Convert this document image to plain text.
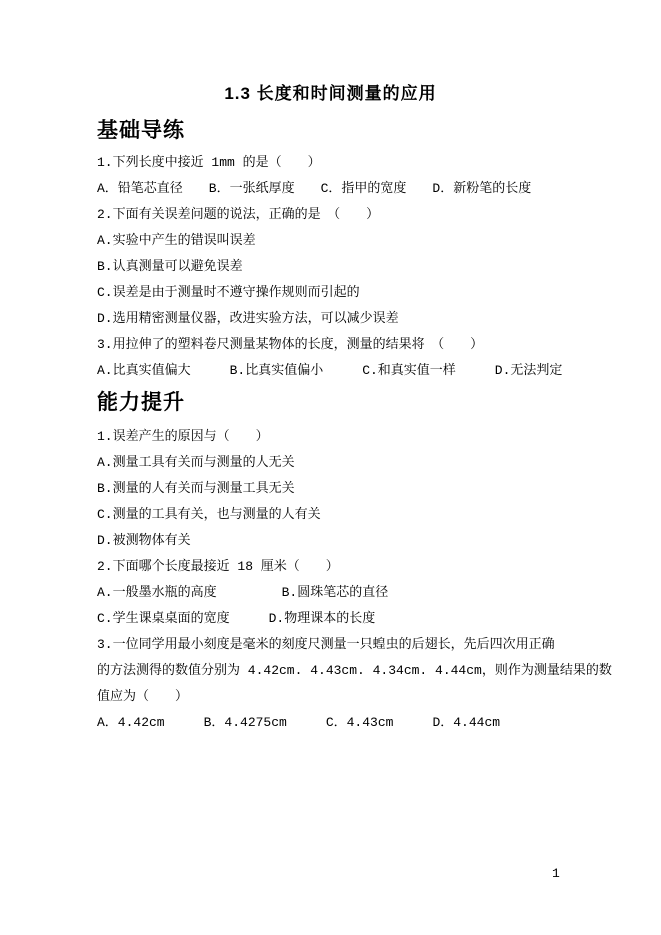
1.3 长度和时间测量的应用
基础导练
1.下列长度中接近 1mm 的是（　　）
A．铅笔芯直径　　B．一张纸厚度　　C．指甲的宽度　　D．新粉笔的长度
2.下面有关误差问题的说法，正确的是　（　　）
A.实验中产生的错误叫误差
B.认真测量可以避免误差
C.误差是由于测量时不遵守操作规则而引起的
D.选用精密测量仪器，改进实验方法，可以减少误差
3.用拉伸了的塑料卷尺测量某物体的长度，测量的结果将　（　　）
A.比真实值偏大　　　B.比真实值偏小　　　C.和真实值一样　　　D.无法判定
能力提升
1.误差产生的原因与（　　）
A.测量工具有关而与测量的人无关
B.测量的人有关而与测量工具无关
C.测量的工具有关，也与测量的人有关
D.被测物体有关
2.下面哪个长度最接近 18 厘米（　　）
A.一般墨水瓶的高度　　　　　B.圆珠笔芯的直径
C.学生课桌桌面的宽度　　　D.物理课本的长度
3.一位同学用最小刻度是毫米的刻度尺测量一只蝗虫的后翅长，先后四次用正确
的方法测得的数值分别为 4.42cm. 4.43cm. 4.34cm. 4.44cm，则作为测量结果的数
值应为（　　）
A．4.42cm     B．4.4275cm     C．4.43cm     D．4.44cm
1
